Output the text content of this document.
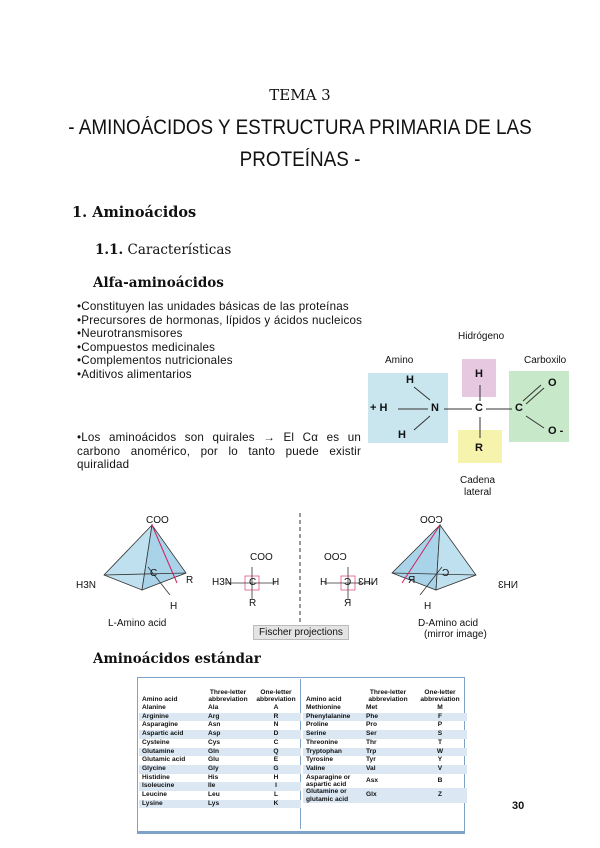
TEMA 3
- AMINOÁCIDOS Y ESTRUCTURA PRIMARIA DE LAS
PROTEÍNAS -
1. Aminoácidos
1.1. Características
Alfa-aminoácidos
•Constituyen las unidades básicas de las proteínas
•Precursores de hormonas, lípidos y ácidos nucleicos
•Neurotransmisores
•Compuestos medicinales
•Complementos nutricionales
•Aditivos alimentarios
•Los aminoácidos son quirales → El Cα es un carbono anomérico, por lo tanto puede existir quiralidad
Hidrógeno
Amino	Carboxilo
H	H
+ H	N	C	C
H
O
O -
R
Cadena
lateral
COO
H3N
C
R
H
L-Amino acid
COO
H3N C H
R
COO
H C NH3
R
COO
R
C
NH3
H
D-Amino acid
(mirror image)
Fischer projections
Aminoácidos estándar
Amino acid	Three-letter abbreviation	One-letter abbreviation
Alanine	Ala	A
Arginine	Arg	R
Asparagine	Asn	N
Aspartic acid	Asp	D
Cysteine	Cys	C
Glutamine	Gln	Q
Glutamic acid	Glu	E
Glycine	Gly	G
Histidine	His	H
Isoleucine	Ile	I
Leucine	Leu	L
Lysine	Lys	K
Amino acid	Three-letter abbreviation	One-letter abbreviation
Methionine	Met	M
Phenylalanine	Phe	F
Proline	Pro	P
Serine	Ser	S
Threonine	Thr	T
Tryptophan	Trp	W
Tyrosine	Tyr	Y
Valine	Val	V
Asparagine or aspartic acid	Asx	B
Glutamine or glutamic acid	Glx	Z
30
